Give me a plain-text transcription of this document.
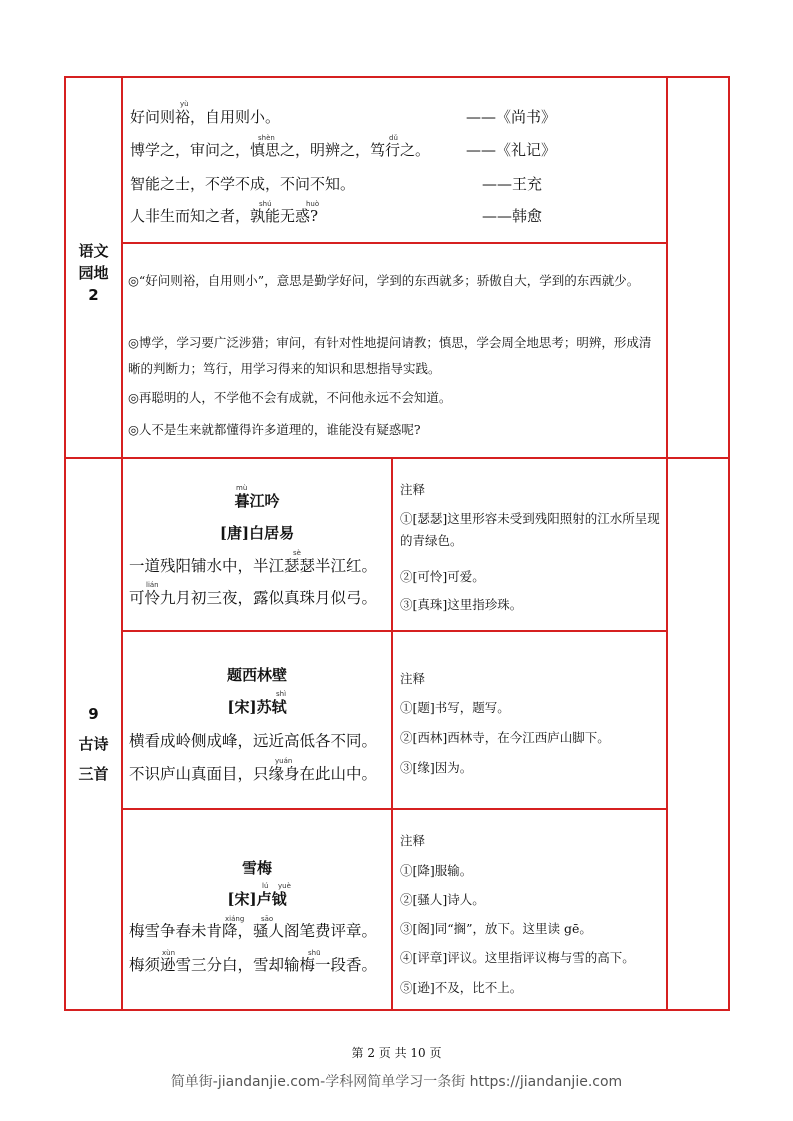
语文
园地
2
yù
好问则裕，自用则小。	——《尚书》
shèn	dǔ
博学之，审问之，慎思之，明辨之，笃行之。 ——《礼记》
智能之士，不学不成，不问不知。	——王充
shú	huò
人非生而知之者，孰能无惑?	——韩愈
◎“好问则裕，自用则小”，意思是勤学好问，学到的东西就多；骄傲自大，学到的东西就少。
◎博学，学习要广泛涉猎；审问，有针对性地提问请教；慎思，学会周全地思考；明辨，形成清晰的判断力；笃行，用学习得来的知识和思想指导实践。
◎再聪明的人，不学他不会有成就，不问他永远不会知道。
◎人不是生来就都懂得许多道理的，谁能没有疑惑呢?
9
古诗
三首
mù
暮江吟
[唐]白居易
sè
一道残阳铺水中，半江瑟瑟半江红。
lián
可怜九月初三夜，露似真珠月似弓。
注释
①[瑟瑟]这里形容未受到残阳照射的江水所呈现的青绿色。
②[可怜]可爱。
③[真珠]这里指珍珠。
题西林壁
shì
[宋]苏轼
横看成岭侧成峰，远近高低各不同。
yuán
不识庐山真面目，只缘身在此山中。
注释
①[题]书写，题写。
②[西林]西林寺，在今江西庐山脚下。
③[缘]因为。
雪梅
lú yuè
[宋]卢钺
xiáng sāo
梅雪争春未肯降，骚人阁笔费评章。
xùn	shū
梅须逊雪三分白，雪却输梅一段香。
注释
①[降]服输。
②[骚人]诗人。
③[阁]同“搁”，放下。这里读 gē。
④[评章]评议。这里指评议梅与雪的高下。
⑤[逊]不及，比不上。
第 2 页 共 10 页
简单街-jiandanjie.com-学科网简单学习一条街 https://jiandanjie.com
